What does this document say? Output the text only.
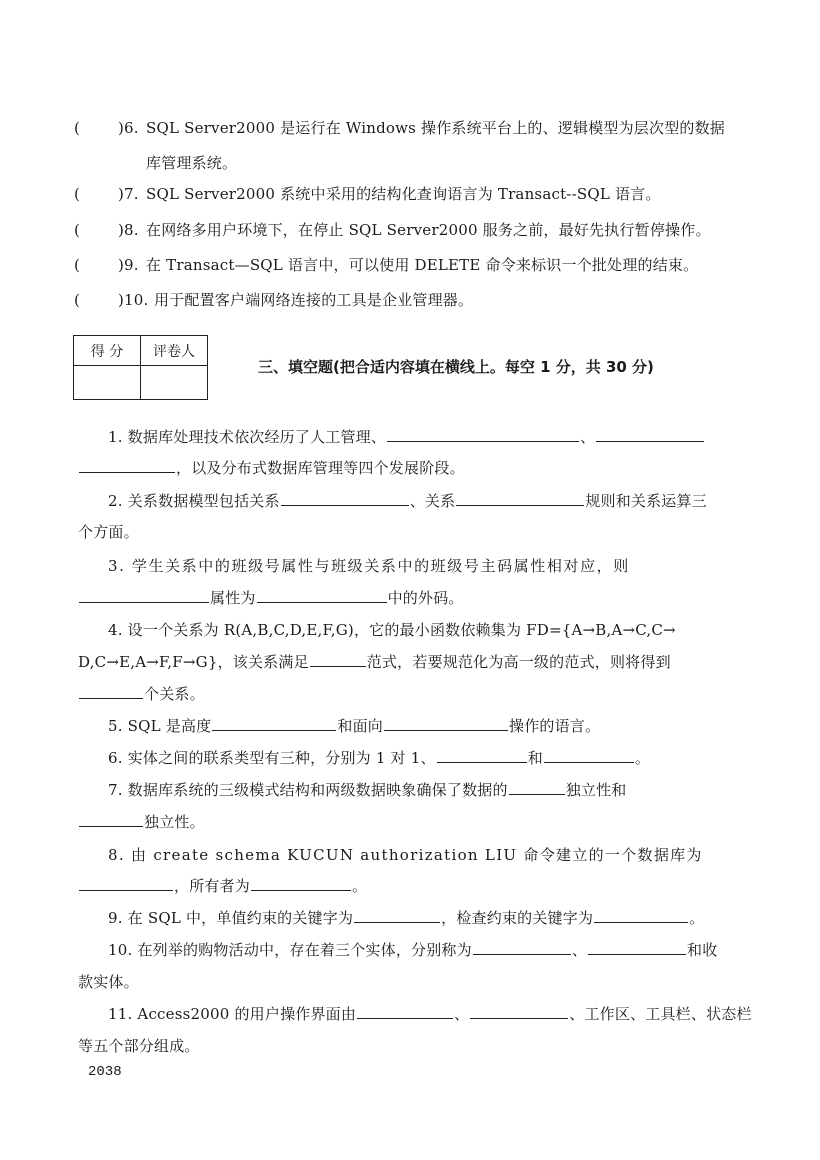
(	)6. SQL Server2000 是运行在 Windows 操作系统平台上的、逻辑模型为层次型的数据
库管理系统。
(	)7. SQL Server2000 系统中采用的结构化查询语言为 Transact--SQL 语言。
(	)8. 在网络多用户环境下，在停止 SQL Server2000 服务之前，最好先执行暂停操作。
(	)9. 在 Transact—SQL 语言中，可以使用 DELETE 命令来标识一个批处理的结束。
(	)10. 用于配置客户端网络连接的工具是企业管理器。
得 分	评卷人

三、填空题(把合适内容填在横线上。每空 1 分，共 30 分)
1. 数据库处理技术依次经历了人工管理、	、
，以及分布式数据库管理等四个发展阶段。
2. 关系数据模型包括关系	、关系	规则和关系运算三
个方面。
3. 学生关系中的班级号属性与班级关系中的班级号主码属性相对应，则
属性为	中的外码。
4. 设一个关系为 R(A,B,C,D,E,F,G)，它的最小函数依赖集为 FD={A→B,A→C,C→
D,C→E,A→F,F→G}，该关系满足	范式，若要规范化为高一级的范式，则将得到
个关系。
5. SQL 是高度	和面向	操作的语言。
6. 实体之间的联系类型有三种，分别为 1 对 1、	和	。
7. 数据库系统的三级模式结构和两级数据映象确保了数据的	独立性和
独立性。
8. 由 create schema KUCUN authorization LIU 命令建立的一个数据库为
，所有者为	。
9. 在 SQL 中，单值约束的关键字为	，检查约束的关键字为	。
10. 在列举的购物活动中，存在着三个实体，分别称为	、	和收
款实体。
11. Access2000 的用户操作界面由	、	、工作区、工具栏、状态栏
等五个部分组成。
2038
